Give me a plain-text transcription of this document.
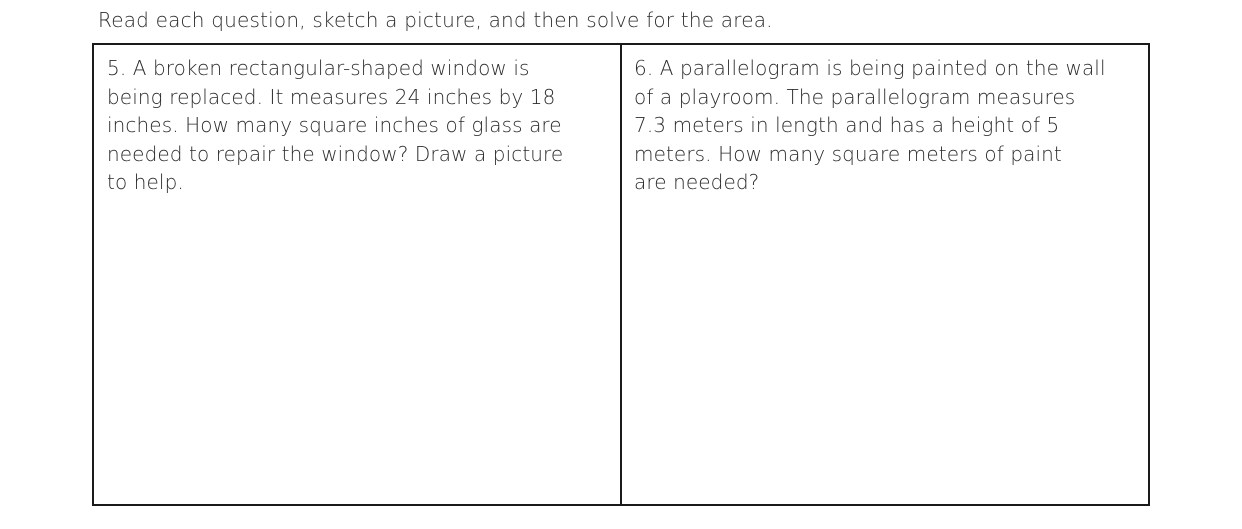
Read each question, sketch a picture, and then solve for the area.
5. A broken rectangular-shaped window is
being replaced. It measures 24 inches by 18
inches. How many square inches of glass are
needed to repair the window? Draw a picture
to help.
6. A parallelogram is being painted on the wall
of a playroom. The parallelogram measures
7.3 meters in length and has a height of 5
meters. How many square meters of paint
are needed?
